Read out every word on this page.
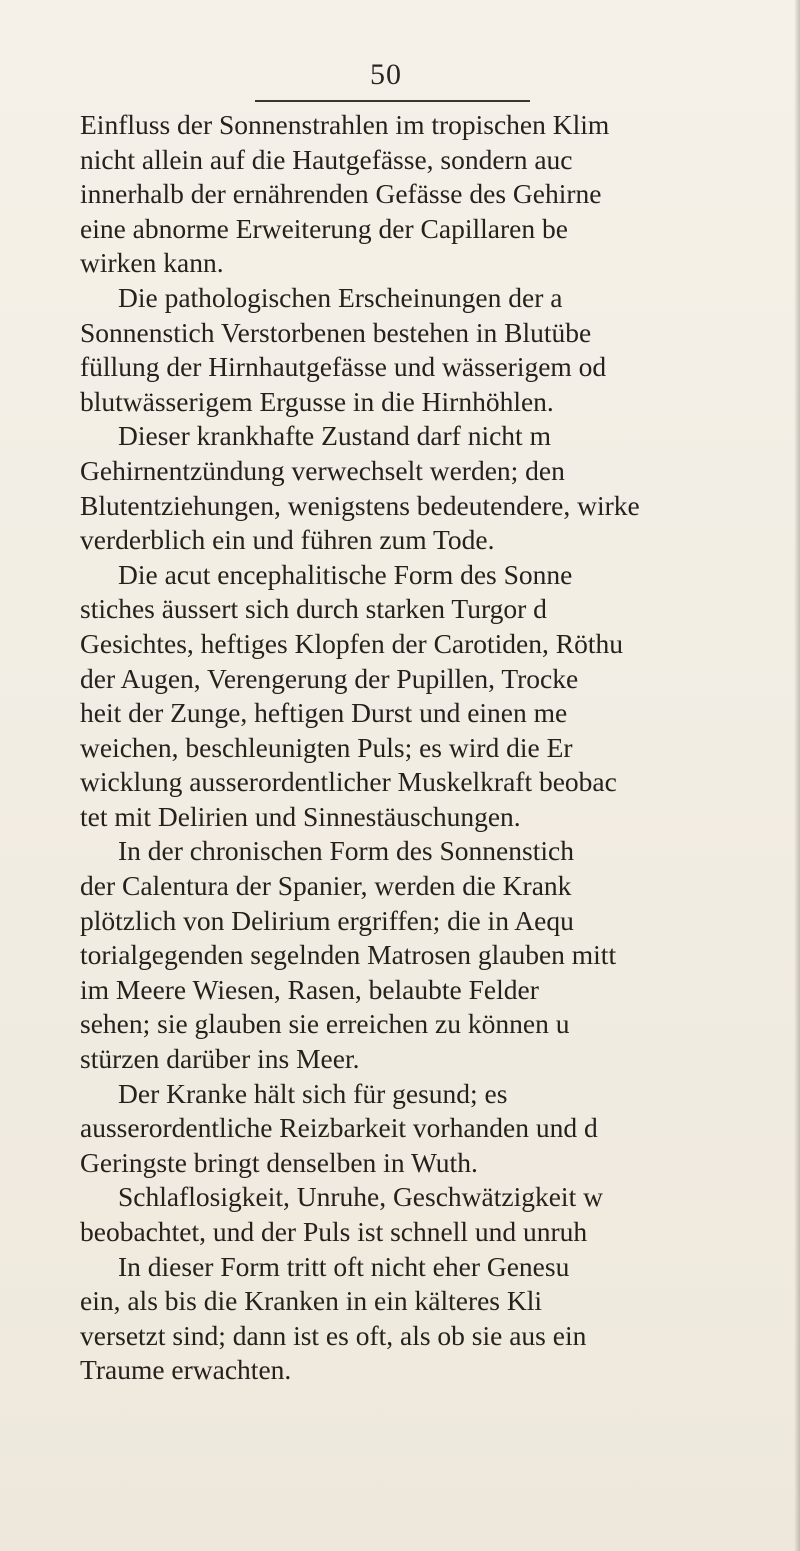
50
Einfluss der Sonnenstrahlen im tropischen Klim
nicht allein auf die Hautgefässe, sondern auc
innerhalb der ernährenden Gefässe des Gehirne
eine abnorme Erweiterung der Capillaren be
wirken kann.
Die pathologischen Erscheinungen der a
Sonnenstich Verstorbenen bestehen in Blutübe
füllung der Hirnhautgefässe und wässerigem od
blutwässerigem Ergusse in die Hirnhöhlen.
Dieser krankhafte Zustand darf nicht m
Gehirnentzündung verwechselt werden; den
Blutentziehungen, wenigstens bedeutendere, wirke
verderblich ein und führen zum Tode.
Die acut encephalitische Form des Sonne
stiches äussert sich durch starken Turgor d
Gesichtes, heftiges Klopfen der Carotiden, Röthu
der Augen, Verengerung der Pupillen, Trocke
heit der Zunge, heftigen Durst und einen me
weichen, beschleunigten Puls; es wird die Er
wicklung ausserordentlicher Muskelkraft beobac
tet mit Delirien und Sinnestäuschungen.
In der chronischen Form des Sonnenstich
der Calentura der Spanier, werden die Krank
plötzlich von Delirium ergriffen; die in Aequ
torialgegenden segelnden Matrosen glauben mitt
im Meere Wiesen, Rasen, belaubte Felder
sehen; sie glauben sie erreichen zu können u
stürzen darüber ins Meer.
Der Kranke hält sich für gesund; es
ausserordentliche Reizbarkeit vorhanden und d
Geringste bringt denselben in Wuth.
Schlaflosigkeit, Unruhe, Geschwätzigkeit w
beobachtet, und der Puls ist schnell und unruh
In dieser Form tritt oft nicht eher Genesu
ein, als bis die Kranken in ein kälteres Kli
versetzt sind; dann ist es oft, als ob sie aus ein
Traume erwachten.
